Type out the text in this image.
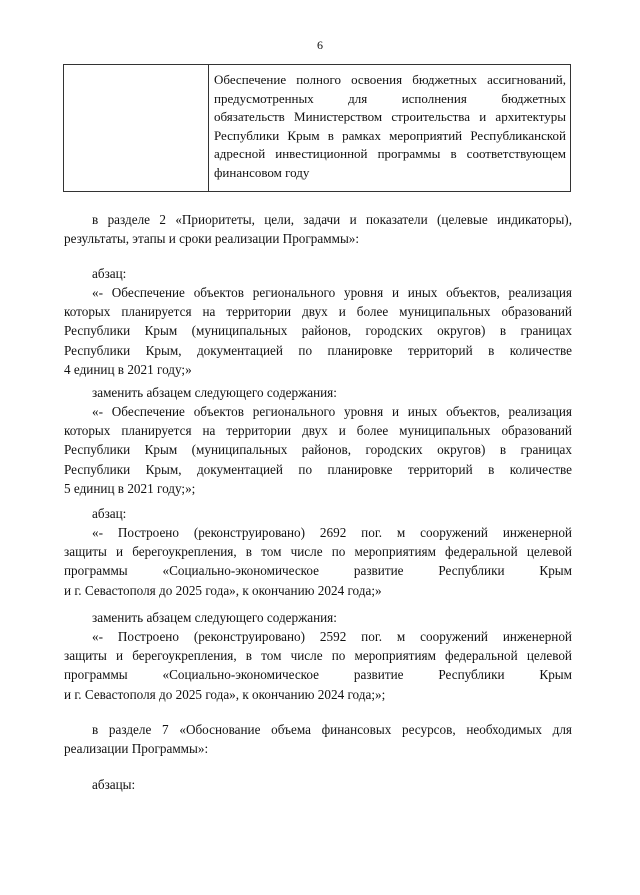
6
Обеспечение полного освоения бюджетных ассигнований,
предусмотренных для исполнения бюджетных
обязательств Министерством строительства и архитектуры
Республики Крым в рамках мероприятий Республиканской
адресной инвестиционной программы в соответствующем
финансовом году
в разделе 2 «Приоритеты, цели, задачи и показатели (целевые индикаторы),
результаты, этапы и сроки реализации Программы»:
абзац:
«- Обеспечение объектов регионального уровня и иных объектов, реализация
которых планируется на территории двух и более муниципальных образований
Республики Крым (муниципальных районов, городских округов) в границах
Республики Крым, документацией по планировке территорий в количестве
4 единиц в 2021 году;»
заменить абзацем следующего содержания:
«- Обеспечение объектов регионального уровня и иных объектов, реализация
которых планируется на территории двух и более муниципальных образований
Республики Крым (муниципальных районов, городских округов) в границах
Республики Крым, документацией по планировке территорий в количестве
5 единиц в 2021 году;»;
абзац:
«- Построено (реконструировано) 2692 пог. м сооружений инженерной
защиты и берегоукрепления, в том числе по мероприятиям федеральной целевой
программы «Социально-экономическое развитие Республики Крым
и г. Севастополя до 2025 года», к окончанию 2024 года;»
заменить абзацем следующего содержания:
«- Построено (реконструировано) 2592 пог. м сооружений инженерной
защиты и берегоукрепления, в том числе по мероприятиям федеральной целевой
программы «Социально-экономическое развитие Республики Крым
и г. Севастополя до 2025 года», к окончанию 2024 года;»;
в разделе 7 «Обоснование объема финансовых ресурсов, необходимых для
реализации Программы»:
абзацы:
